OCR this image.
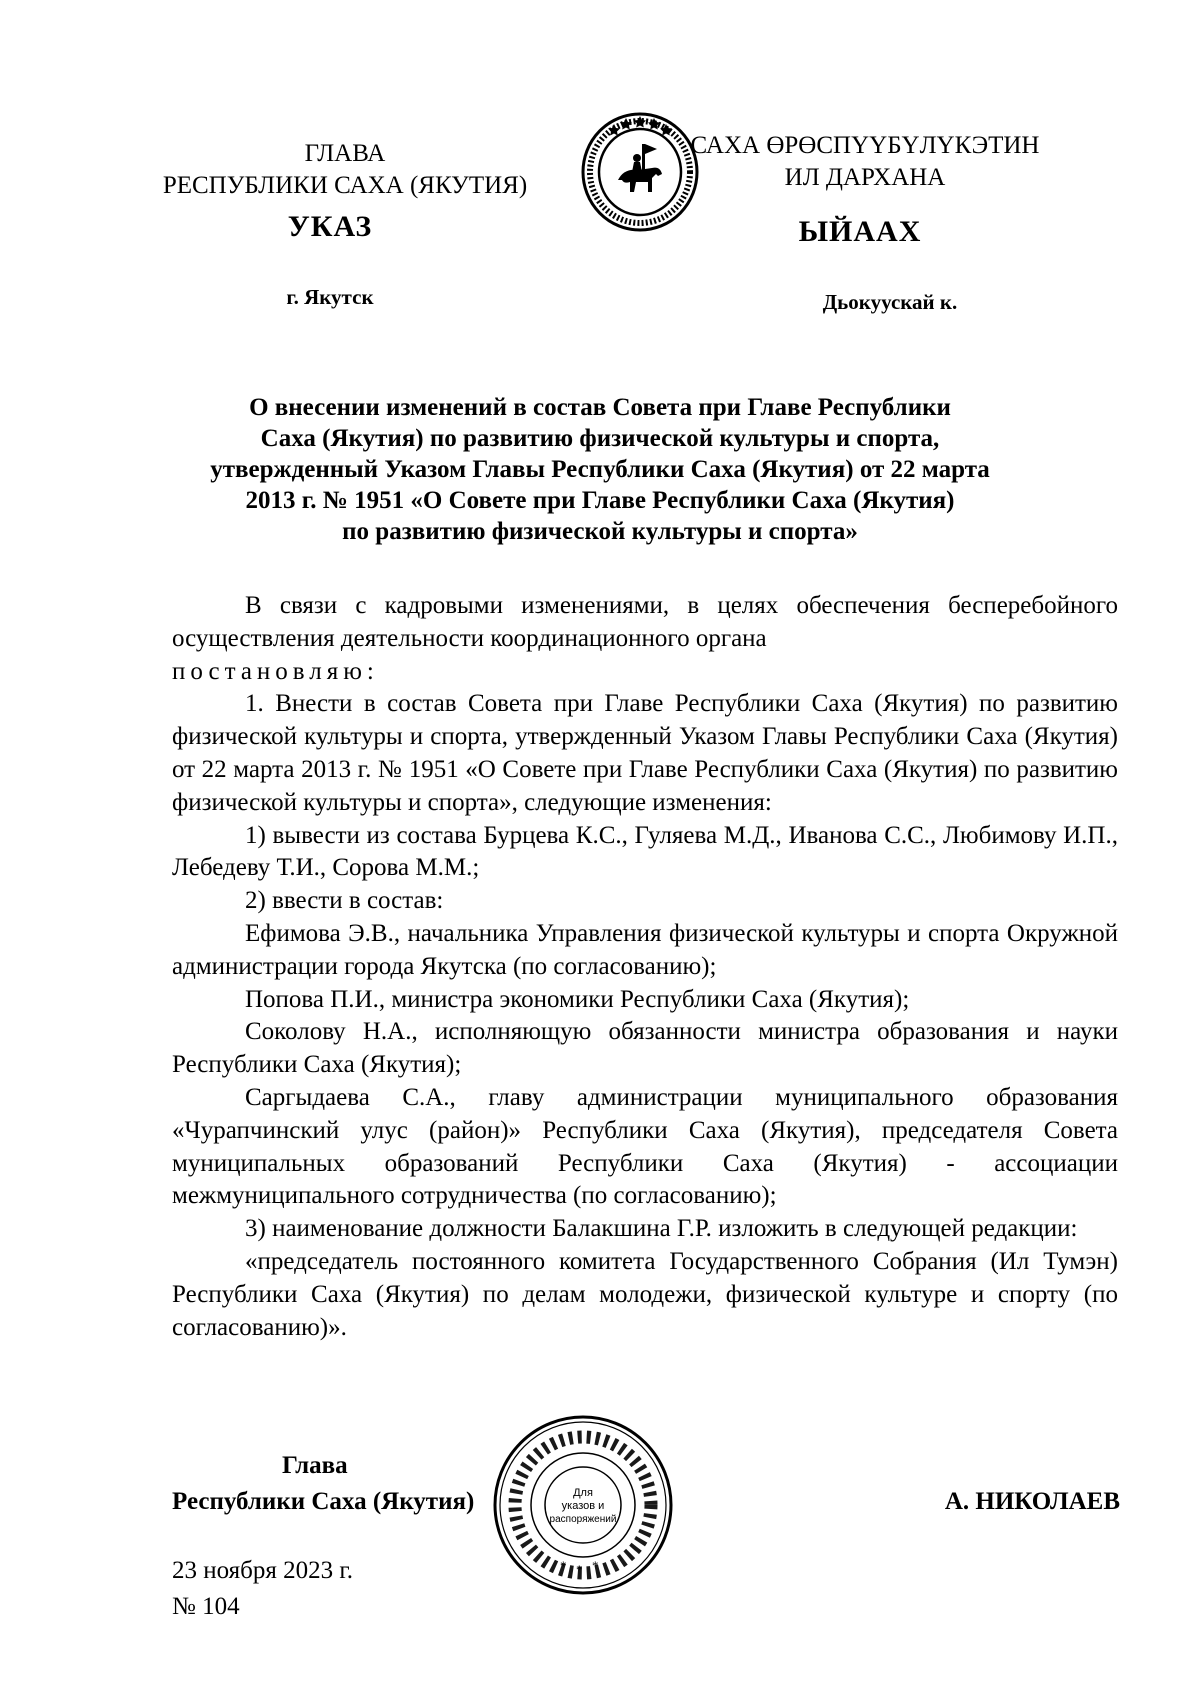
ГЛАВА
РЕСПУБЛИКИ САХА (ЯКУТИЯ)
САХА ӨРӨСПҮҮБҮЛҮКЭТИН
ИЛ ДАРХАНА
УКАЗ	ЫЙААХ
г. Якутск	Дьокуускай к.
О внесении изменений в состав Совета при Главе Республики
Саха (Якутия) по развитию физической культуры и спорта,
утвержденный Указом Главы Республики Саха (Якутия) от 22 марта
2013 г. № 1951 «О Совете при Главе Республики Саха (Якутия)
по развитию физической культуры и спорта»

В связи с кадровыми изменениями, в целях обеспечения бесперебойного осуществления деятельности координационного органа

постановляю:

1. Внести в состав Совета при Главе Республики Саха (Якутия) по развитию физической культуры и спорта, утвержденный Указом Главы Республики Саха (Якутия) от 22 марта 2013 г. № 1951 «О Совете при Главе Республики Саха (Якутия) по развитию физической культуры и спорта», следующие изменения:

1) вывести из состава Бурцева К.С., Гуляева М.Д., Иванова С.С., Любимову И.П., Лебедеву Т.И., Сорова М.М.;

2) ввести в состав:

Ефимова Э.В., начальника Управления физической культуры и спорта Окружной администрации города Якутска (по согласованию);

Попова П.И., министра экономики Республики Саха (Якутия);

Соколову Н.А., исполняющую обязанности министра образования и науки Республики Саха (Якутия);

Саргыдаева С.А., главу администрации муниципального образования «Чурапчинский улус (район)» Республики Саха (Якутия), председателя Совета муниципальных образований Республики Саха (Якутия) - ассоциации межмуниципального сотрудничества (по согласованию);

3) наименование должности Балакшина Г.Р. изложить в следующей редакции:

«председатель постоянного комитета Государственного Собрания (Ил Тумэн) Республики Саха (Якутия) по делам молодежи, физической культуре и спорту (по согласованию)».

Глава
Республики Саха (Якутия)	А. НИКОЛАЕВ
Для
указов и
распоряжений
* * *
23 ноября 2023 г.
№ 104
